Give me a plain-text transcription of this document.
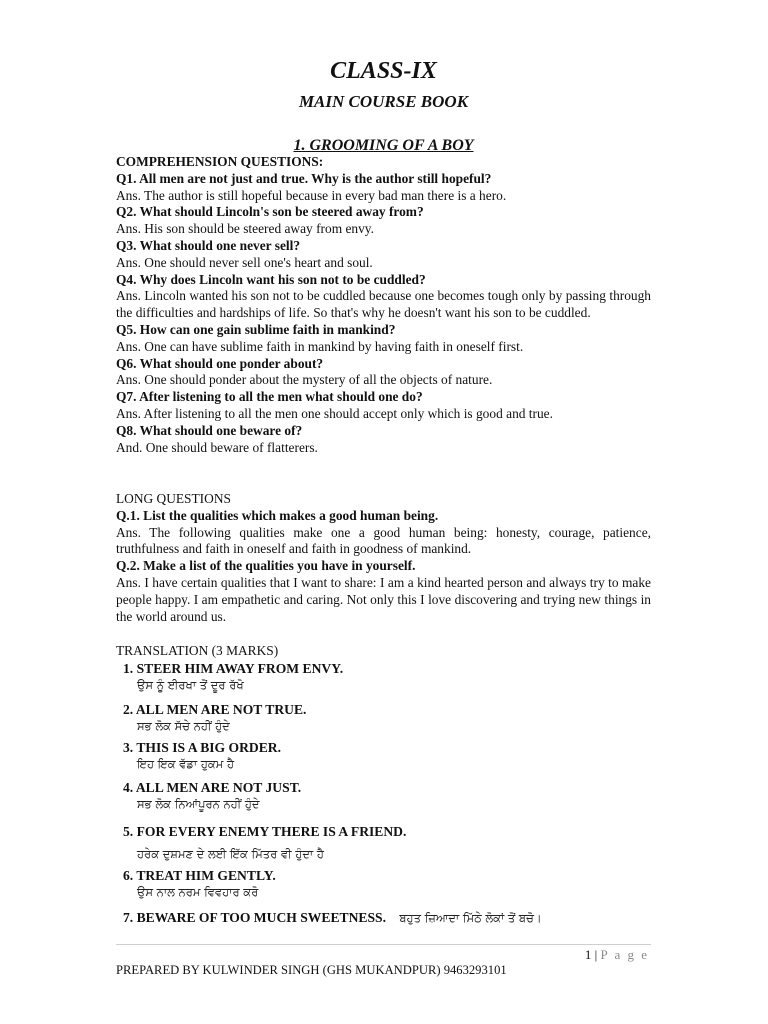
CLASS-IX
MAIN COURSE BOOK
1. GROOMING OF A BOY
COMPREHENSION QUESTIONS:
Q1. All men are not just and true. Why is the author still hopeful?
Ans. The author is still hopeful because in every bad man there is a hero.
Q2. What should Lincoln's son be steered away from?
Ans. His son should be steered away from envy.
Q3. What should one never sell?
Ans. One should never sell one's heart and soul.
Q4. Why does Lincoln want his son not to be cuddled?
Ans. Lincoln wanted his son not to be cuddled because one becomes tough only by passing through the difficulties and hardships of life. So that's why he doesn't want his son to be cuddled.
Q5. How can one gain sublime faith in mankind?
Ans. One can have sublime faith in mankind by having faith in oneself first.
Q6. What should one ponder about?
Ans. One should ponder about the mystery of all the objects of nature.
Q7. After listening to all the men what should one do?
Ans. After listening to all the men one should accept only which is good and true.
Q8. What should one beware of?
And. One should beware of flatterers.
LONG QUESTIONS
Q.1. List the qualities which makes a good human being.
Ans. The following qualities make one a good human being: honesty, courage, patience, truthfulness and faith in oneself and faith in goodness of mankind.
Q.2. Make a list of the qualities you have in yourself.
Ans. I have certain qualities that I want to share: I am a kind hearted person and always try to make people happy. I am empathetic and caring. Not only this I love discovering and trying new things in the world around us.
TRANSLATION (3 MARKS)
1. STEER HIM AWAY FROM ENVY.
ਉਸ ਨੂੰ ਈਰਖਾ ਤੋਂ ਦੂਰ ਰੱਖੋ
2. ALL MEN ARE NOT TRUE.
ਸਭ ਲੋਕ ਸੱਚੇ ਨਹੀਂ ਹੁੰਦੇ
3. THIS IS A BIG ORDER.
ਇਹ ਇਕ ਵੱਡਾ ਹੁਕਮ ਹੈ
4. ALL MEN ARE NOT JUST.
ਸਭ ਲੋਕ ਨਿਆਂਪੂਰਨ ਨਹੀਂ ਹੁੰਦੇ
5. FOR EVERY ENEMY THERE IS A FRIEND.
ਹਰੇਕ ਦੁਸ਼ਮਣ ਦੇ ਲਈ ਇੱਕ ਮਿੱਤਰ ਵੀ ਹੁੰਦਾ ਹੈ
6. TREAT HIM GENTLY.
ਉਸ ਨਾਲ ਨਰਮ ਵਿਵਹਾਰ ਕਰੋ
7. BEWARE OF TOO MUCH SWEETNESS. ਬਹੁਤ ਜ਼ਿਆਦਾ ਮਿੱਠੇ ਲੋਕਾਂ ਤੋਂ ਬਚੋ।
1 | P a g e
PREPARED BY KULWINDER SINGH (GHS MUKANDPUR) 9463293101
